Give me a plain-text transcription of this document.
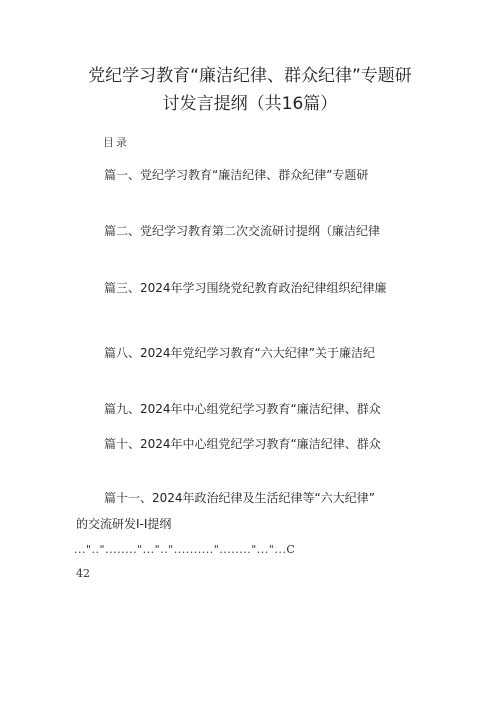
党纪学习教育“廉洁纪律、群众纪律”专题研
讨发言提纲（共16篇）
目录
篇一、党纪学习教育“廉洁纪律、群众纪律”专题研
篇二、党纪学习教育第二次交流研讨提纲（廉洁纪律
篇三、2024年学习围绕党纪教育政治纪律组织纪律廉
篇八、2024年党纪学习教育“六大纪律”关于廉洁纪
篇九、2024年中心组党纪学习教育“廉洁纪律、群众
篇十、2024年中心组党纪学习教育“廉洁纪律、群众
篇十一、2024年政治纪律及生活纪律等“六大纪律”
的交流研发I-I提纲
...".."........"..."..".........."........"..."...C
42
